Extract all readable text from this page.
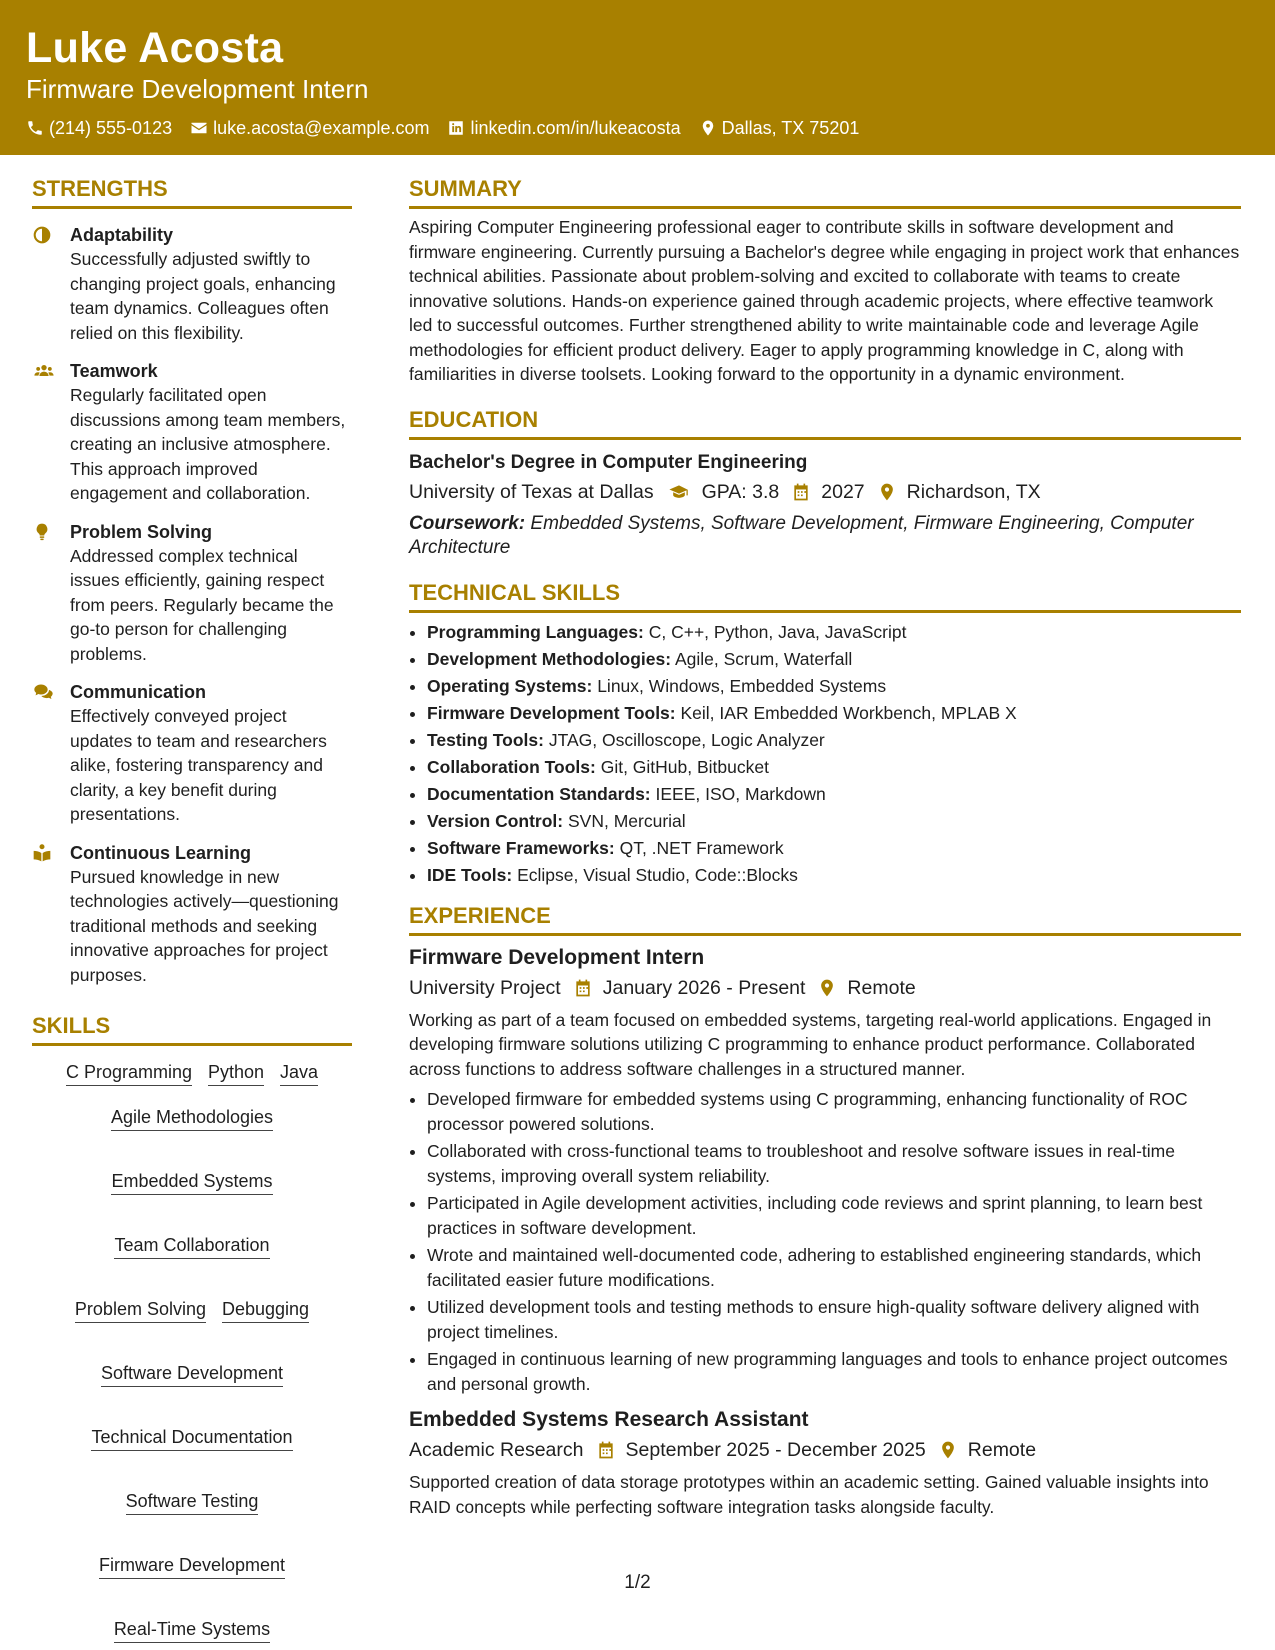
Luke Acosta
Firmware Development Intern
(214) 555-0123 luke.acosta@example.com linkedin.com/in/lukeacosta Dallas, TX 75201
STRENGTHS
Adaptability
Successfully adjusted swiftly to changing project goals, enhancing team dynamics. Colleagues often relied on this flexibility.
Teamwork
Regularly facilitated open discussions among team members, creating an inclusive atmosphere. This approach improved engagement and collaboration.
Problem Solving
Addressed complex technical issues efficiently, gaining respect from peers. Regularly became the go-to person for challenging problems.
Communication
Effectively conveyed project updates to team and researchers alike, fostering transparency and clarity, a key benefit during presentations.
Continuous Learning
Pursued knowledge in new technologies actively—questioning traditional methods and seeking innovative approaches for project purposes.
SKILLS
C Programming Python Java
Agile Methodologies
Embedded Systems
Team Collaboration
Problem Solving Debugging
Software Development
Technical Documentation
Software Testing
Firmware Development
Real-Time Systems
SUMMARY
Aspiring Computer Engineering professional eager to contribute skills in software development and firmware engineering. Currently pursuing a Bachelor's degree while engaging in project work that enhances technical abilities. Passionate about problem-solving and excited to collaborate with teams to create innovative solutions. Hands-on experience gained through academic projects, where effective teamwork led to successful outcomes. Further strengthened ability to write maintainable code and leverage Agile methodologies for efficient product delivery. Eager to apply programming knowledge in C, along with familiarities in diverse toolsets. Looking forward to the opportunity in a dynamic environment.
EDUCATION
Bachelor's Degree in Computer Engineering
University of Texas at Dallas GPA: 3.8 2027 Richardson, TX
Coursework: Embedded Systems, Software Development, Firmware Engineering, Computer Architecture
TECHNICAL SKILLS
• Programming Languages: C, C++, Python, Java, JavaScript
• Development Methodologies: Agile, Scrum, Waterfall
• Operating Systems: Linux, Windows, Embedded Systems
• Firmware Development Tools: Keil, IAR Embedded Workbench, MPLAB X
• Testing Tools: JTAG, Oscilloscope, Logic Analyzer
• Collaboration Tools: Git, GitHub, Bitbucket
• Documentation Standards: IEEE, ISO, Markdown
• Version Control: SVN, Mercurial
• Software Frameworks: QT, .NET Framework
• IDE Tools: Eclipse, Visual Studio, Code::Blocks
EXPERIENCE
Firmware Development Intern
University Project January 2026 - Present Remote
Working as part of a team focused on embedded systems, targeting real-world applications. Engaged in developing firmware solutions utilizing C programming to enhance product performance. Collaborated across functions to address software challenges in a structured manner.
• Developed firmware for embedded systems using C programming, enhancing functionality of ROC processor powered solutions.
• Collaborated with cross-functional teams to troubleshoot and resolve software issues in real-time systems, improving overall system reliability.
• Participated in Agile development activities, including code reviews and sprint planning, to learn best practices in software development.
• Wrote and maintained well-documented code, adhering to established engineering standards, which facilitated easier future modifications.
• Utilized development tools and testing methods to ensure high-quality software delivery aligned with project timelines.
• Engaged in continuous learning of new programming languages and tools to enhance project outcomes and personal growth.
Embedded Systems Research Assistant
Academic Research September 2025 - December 2025 Remote
Supported creation of data storage prototypes within an academic setting. Gained valuable insights into RAID concepts while perfecting software integration tasks alongside faculty.
1/2
